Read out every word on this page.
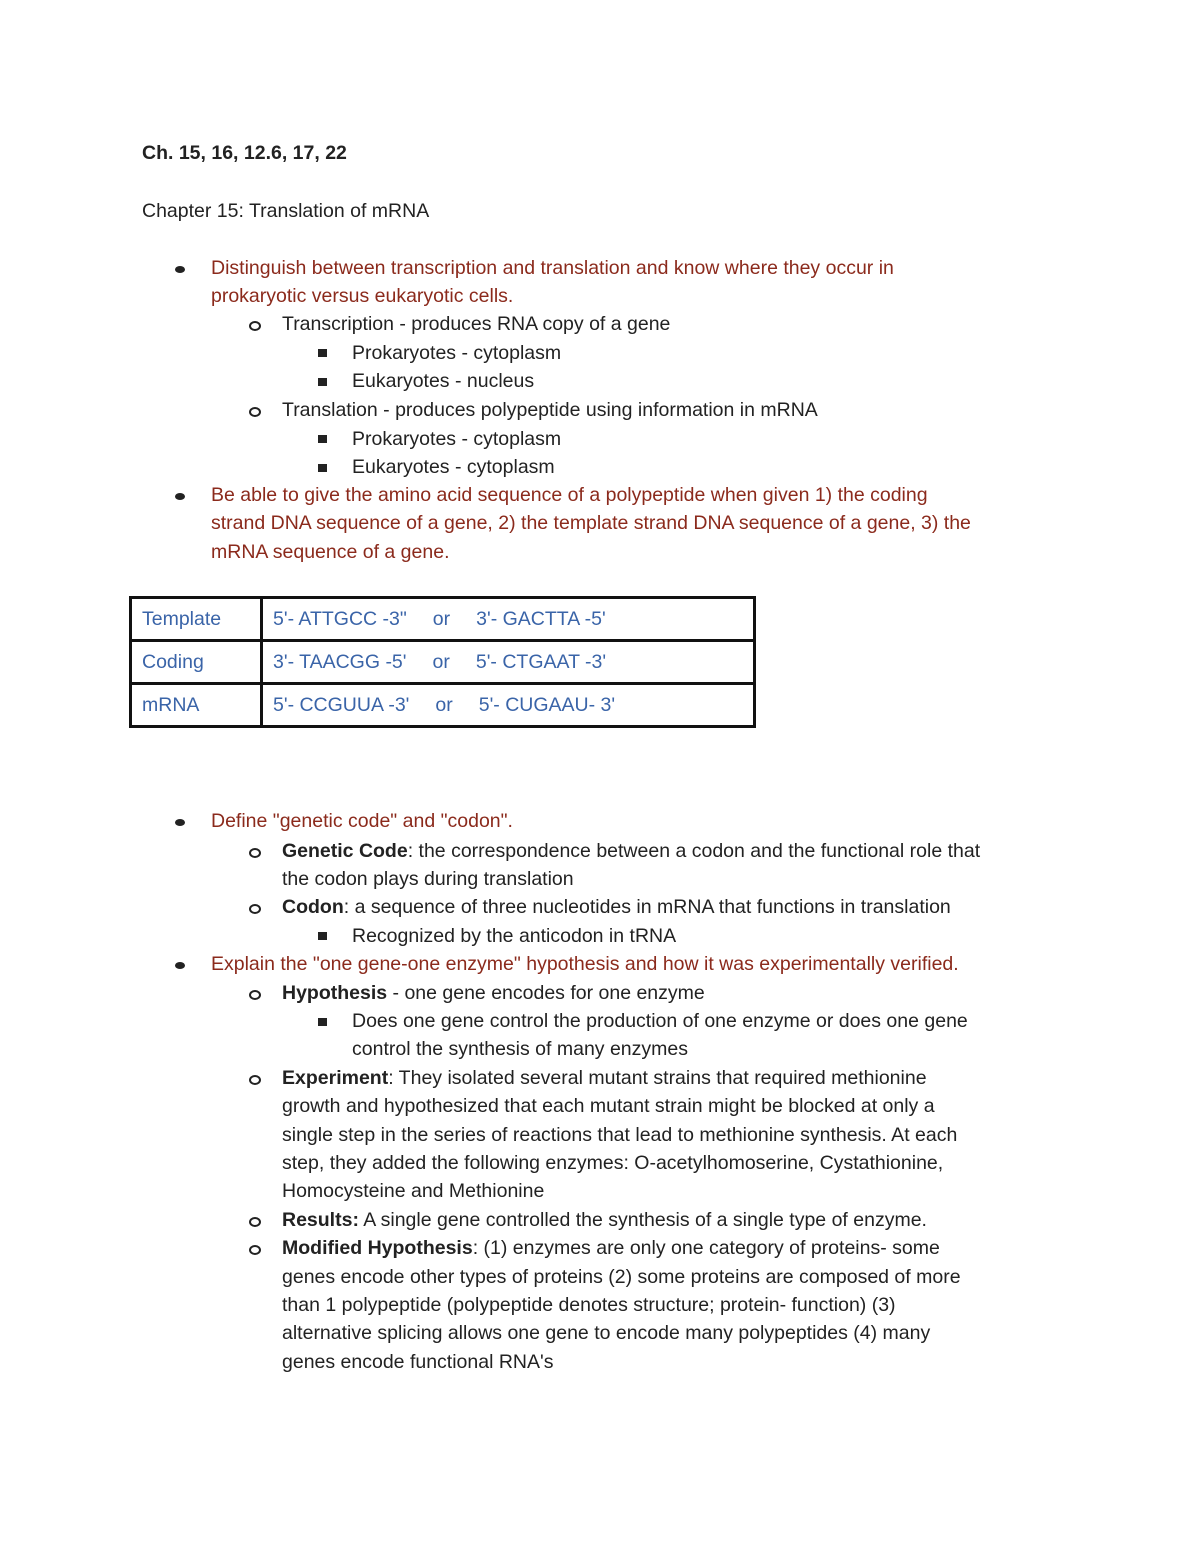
Ch. 15, 16, 12.6, 17, 22
Chapter 15: Translation of mRNA
Distinguish between transcription and translation and know where they occur in
prokaryotic versus eukaryotic cells.
Transcription - produces RNA copy of a gene
Prokaryotes - cytoplasm
Eukaryotes - nucleus
Translation - produces polypeptide using information in mRNA
Prokaryotes - cytoplasm
Eukaryotes - cytoplasm
Be able to give the amino acid sequence of a polypeptide when given 1) the coding
strand DNA sequence of a gene, 2) the template strand DNA sequence of a gene, 3) the
mRNA sequence of a gene.
Template	5'- ATTGCC -3" or 3'- GACTTA -5'
Coding	3'- TAACGG -5' or 5'- CTGAAT -3'
mRNA	5'- CCGUUA -3' or 5'- CUGAAU- 3'
Define "genetic code" and "codon".
Genetic Code: the correspondence between a codon and the functional role that
the codon plays during translation
Codon: a sequence of three nucleotides in mRNA that functions in translation
Recognized by the anticodon in tRNA
Explain the "one gene-one enzyme" hypothesis and how it was experimentally verified.
Hypothesis - one gene encodes for one enzyme
Does one gene control the production of one enzyme or does one gene
control the synthesis of many enzymes
Experiment: They isolated several mutant strains that required methionine
growth and hypothesized that each mutant strain might be blocked at only a
single step in the series of reactions that lead to methionine synthesis. At each
step, they added the following enzymes: O-acetylhomoserine, Cystathionine,
Homocysteine and Methionine
Results: A single gene controlled the synthesis of a single type of enzyme.
Modified Hypothesis: (1) enzymes are only one category of proteins- some
genes encode other types of proteins (2) some proteins are composed of more
than 1 polypeptide (polypeptide denotes structure; protein- function) (3)
alternative splicing allows one gene to encode many polypeptides (4) many
genes encode functional RNA's
